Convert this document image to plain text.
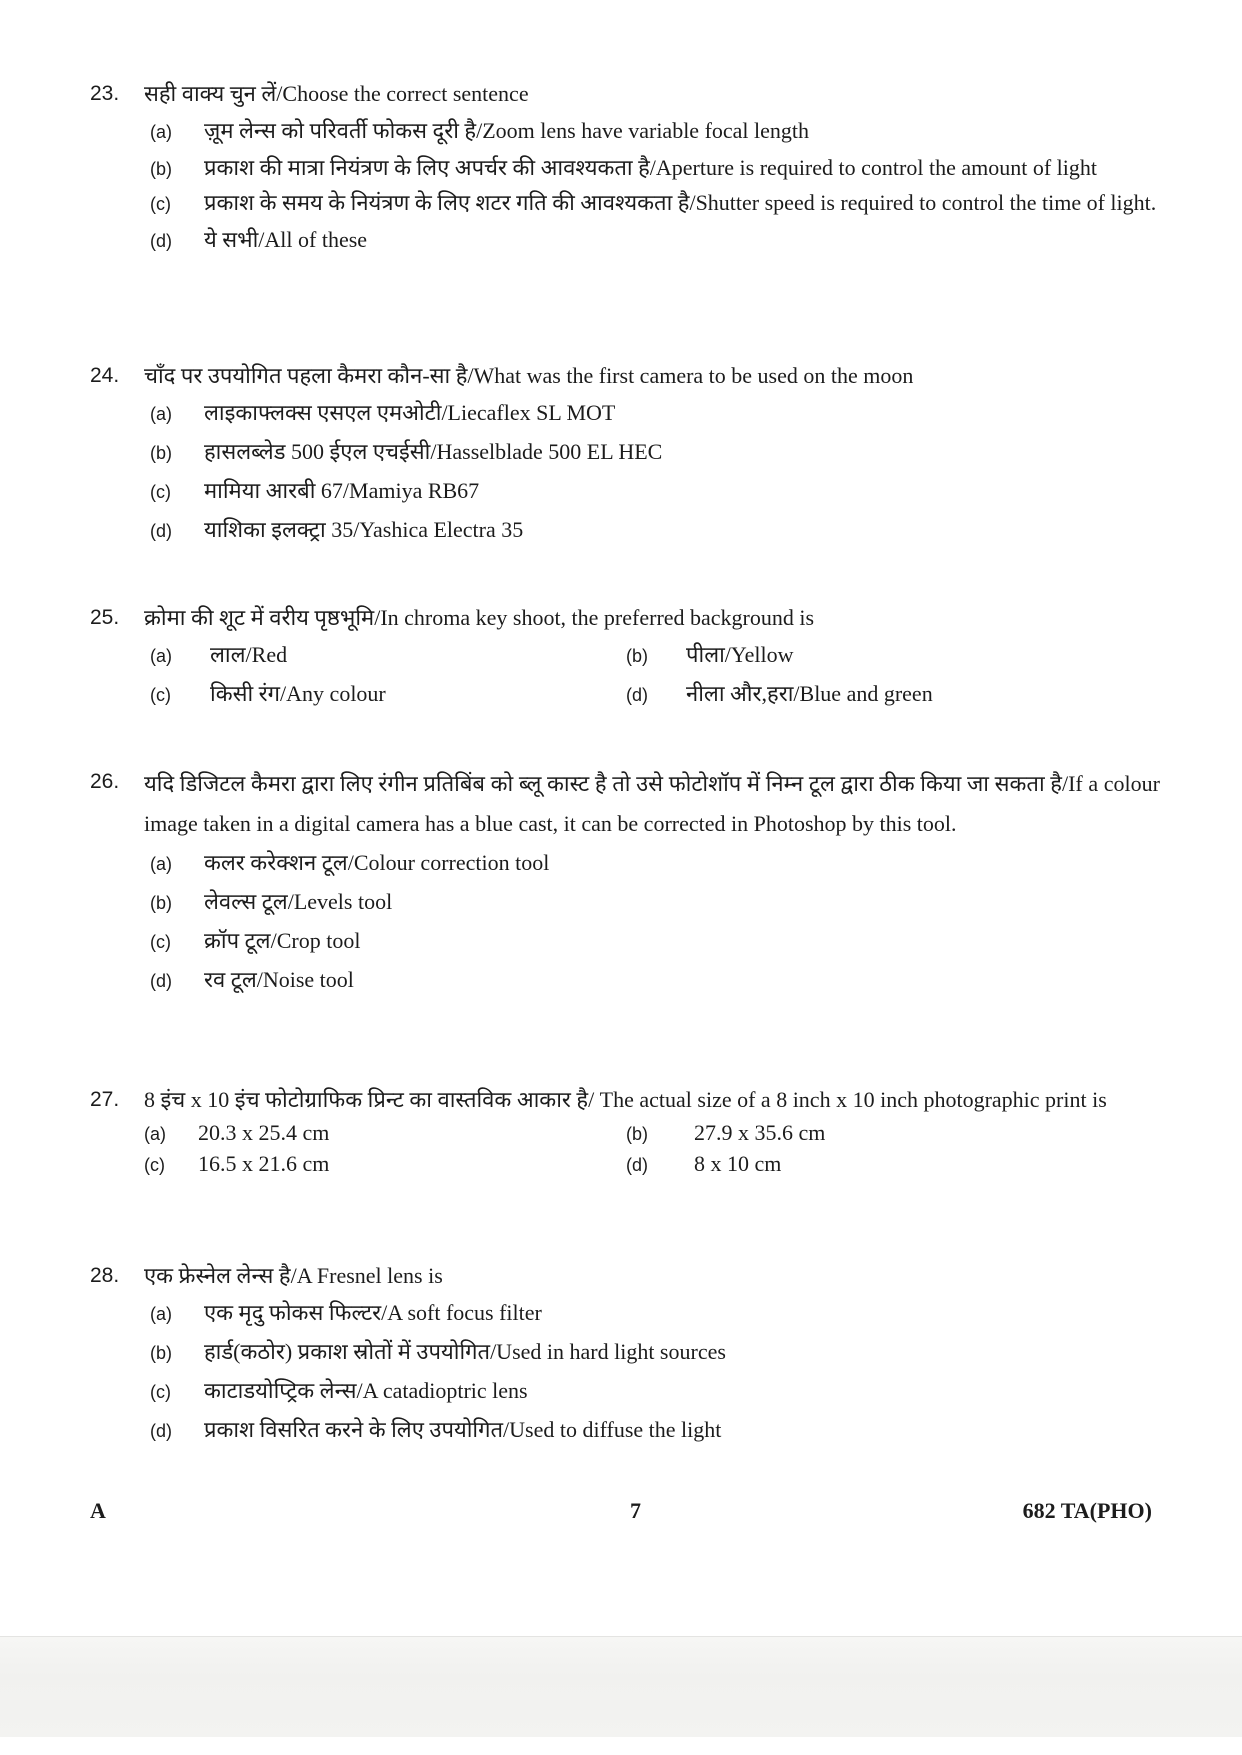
23.	सही वाक्य चुन लें/Choose the correct sentence
(a)	ज़ूम लेन्स को परिवर्ती फोकस दूरी है/Zoom lens have variable focal length
(b)	प्रकाश की मात्रा नियंत्रण के लिए अपर्चर की आवश्यकता है/Aperture is required to control the amount of light
(c)	प्रकाश के समय के नियंत्रण के लिए शटर गति की आवश्यकता है/Shutter speed is required to control the time of light.
(d)	ये सभी/All of these
24.	चाँद पर उपयोगित पहला कैमरा कौन-सा है/What was the first camera to be used on the moon
(a)	लाइकाफ्लक्स एसएल एमओटी/Liecaflex SL MOT
(b)	हासलब्लेड 500 ईएल एचईसी/Hasselblade 500 EL HEC
(c)	मामिया आरबी 67/Mamiya RB67
(d)	याशिका इलक्ट्रा 35/Yashica Electra 35
25.	क्रोमा की शूट में वरीय पृष्ठभूमि/In chroma key shoot, the preferred background is
(a)	लाल/Red	(b)	पीला/Yellow
(c)	किसी रंग/Any colour	(d)	नीला और,हरा/Blue and green
26.	यदि डिजिटल कैमरा द्वारा लिए रंगीन प्रतिबिंब को ब्लू कास्ट है तो उसे फोटोशॉप में निम्न टूल द्वारा ठीक किया जा सकता है/If a colour image taken in a digital camera has a blue cast, it can be corrected in Photoshop by this tool.
(a)	कलर करेक्शन टूल/Colour correction tool
(b)	लेवल्स टूल/Levels tool
(c)	क्रॉप टूल/Crop tool
(d)	रव टूल/Noise tool
27.	8 इंच x 10 इंच फोटोग्राफिक प्रिन्ट का वास्तविक आकार है/ The actual size of a 8 inch x 10 inch photographic print is
(a)	20.3 x 25.4 cm	(b)	27.9 x 35.6 cm
(c)	16.5 x 21.6 cm	(d)	8 x 10 cm
28.	एक फ्रेस्नेल लेन्स है/A Fresnel lens is
(a)	एक मृदु फोकस फिल्टर/A soft focus filter
(b)	हार्ड(कठोर) प्रकाश स्रोतों में उपयोगित/Used in hard light sources
(c)	काटाडयोप्ट्रिक लेन्स/A catadioptric lens
(d)	प्रकाश विसरित करने के लिए उपयोगित/Used to diffuse the light
A	7	682 TA(PHO)
